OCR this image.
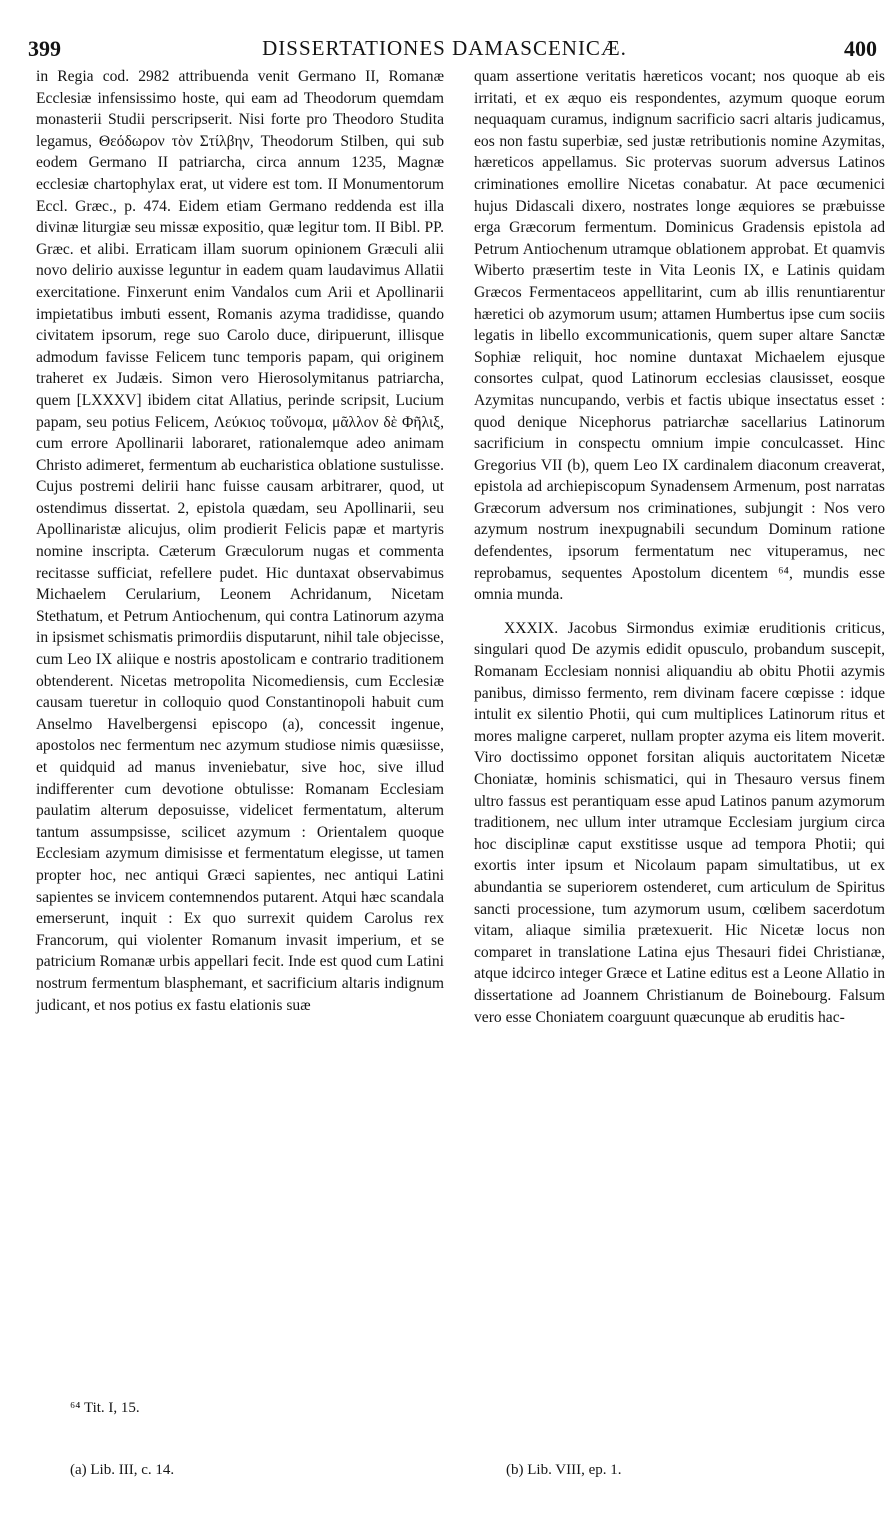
399	DISSERTATIONES DAMASCENICÆ.	400

in Regia cod. 2982 attribuenda venit Germano II, Romanæ Ecclesiæ infensissimo hoste, qui eam ad Theodorum quemdam monasterii Studii perscripserit. Nisi forte pro Theodoro Studita legamus, Θεόδωρον τὸν Στίλβην, Theodorum Stilben, qui sub eodem Germano II patriarcha, circa annum 1235, Magnæ ecclesiæ chartophylax erat, ut videre est tom. II Monumentorum Eccl. Græc., p. 474. Eidem etiam Germano reddenda est illa divinæ liturgiæ seu missæ expositio, quæ legitur tom. II Bibl. PP. Græc. et alibi. Erraticam illam suorum opinionem Græculi alii novo delirio auxisse leguntur in eadem quam laudavimus Allatii exercitatione. Finxerunt enim Vandalos cum Arii et Apollinarii impietatibus imbuti essent, Romanis azyma tradidisse, quando civitatem ipsorum, rege suo Carolo duce, diripuerunt, illisque admodum favisse Felicem tunc temporis papam, qui originem traheret ex Judæis. Simon vero Hierosolymitanus patriarcha, quem [LXXXV] ibidem citat Allatius, perinde scripsit, Lucium papam, seu potius Felicem, Λεύκιος τοὔνομα, μᾶλλον δὲ Φῆλιξ, cum errore Apollinarii laboraret, rationalemque adeo animam Christo adimeret, fermentum ab eucharistica oblatione sustulisse. Cujus postremi delirii hanc fuisse causam arbitrarer, quod, ut ostendimus dissertat. 2, epistola quædam, seu Apollinarii, seu Apollinaristæ alicujus, olim prodierit Felicis papæ et martyris nomine inscripta. Cæterum Græculorum nugas et commenta recitasse sufficiat, refellere pudet. Hic duntaxat observabimus Michaelem Cerularium, Leonem Achridanum, Nicetam Stethatum, et Petrum Antiochenum, qui contra Latinorum azyma in ipsismet schismatis primordiis disputarunt, nihil tale objecisse, cum Leo IX aliique e nostris apostolicam e contrario traditionem obtenderent. Nicetas metropolita Nicomediensis, cum Ecclesiæ causam tueretur in colloquio quod Constantinopoli habuit cum Anselmo Havelbergensi episcopo (a), concessit ingenue, apostolos nec fermentum nec azymum studiose nimis quæsiisse, et quidquid ad manus inveniebatur, sive hoc, sive illud indifferenter cum devotione obtulisse: Romanam Ecclesiam paulatim alterum deposuisse, videlicet fermentatum, alterum tantum assumpsisse, scilicet azymum : Orientalem quoque Ecclesiam azymum dimisisse et fermentatum elegisse, ut tamen propter hoc, nec antiqui Græci sapientes, nec antiqui Latini sapientes se invicem contemnendos putarent. Atqui hæc scandala emerserunt, inquit : Ex quo surrexit quidem Carolus rex Francorum, qui violenter Romanum invasit imperium, et se patricium Romanæ urbis appellari fecit. Inde est quod cum Latini nostrum fermentum blasphemant, et sacrificium altaris indignum judicant, et nos potius ex fastu elationis suæ

quam assertione veritatis hæreticos vocant; nos quoque ab eis irritati, et ex æquo eis respondentes, azymum quoque eorum nequaquam curamus, indignum sacrificio sacri altaris judicamus, eos non fastu superbiæ, sed justæ retributionis nomine Azymitas, hæreticos appellamus. Sic protervas suorum adversus Latinos criminationes emollire Nicetas conabatur. At pace œcumenici hujus Didascali dixero, nostrates longe æquiores se præbuisse erga Græcorum fermentum. Dominicus Gradensis epistola ad Petrum Antiochenum utramque oblationem approbat. Et quamvis Wiberto præsertim teste in Vita Leonis IX, e Latinis quidam Græcos Fermentaceos appellitarint, cum ab illis renuntiarentur hæretici ob azymorum usum; attamen Humbertus ipse cum sociis legatis in libello excommunicationis, quem super altare Sanctæ Sophiæ reliquit, hoc nomine duntaxat Michaelem ejusque consortes culpat, quod Latinorum ecclesias clausisset, eosque Azymitas nuncupando, verbis et factis ubique insectatus esset : quod denique Nicephorus patriarchæ sacellarius Latinorum sacrificium in conspectu omnium impie conculcasset. Hinc Gregorius VII (b), quem Leo IX cardinalem diaconum creaverat, epistola ad archiepiscopum Synadensem Armenum, post narratas Græcorum adversum nos criminationes, subjungit : Nos vero azymum nostrum inexpugnabili secundum Dominum ratione defendentes, ipsorum fermentatum nec vituperamus, nec reprobamus, sequentes Apostolum dicentem ⁶⁴, mundis esse omnia munda.

XXXIX. Jacobus Sirmondus eximiæ eruditionis criticus, singulari quod De azymis edidit opusculo, probandum suscepit, Romanam Ecclesiam nonnisi aliquandiu ab obitu Photii azymis panibus, dimisso fermento, rem divinam facere cœpisse : idque intulit ex silentio Photii, qui cum multiplices Latinorum ritus et mores maligne carperet, nullam propter azyma eis litem moverit. Viro doctissimo opponet forsitan aliquis auctoritatem Nicetæ Choniatæ, hominis schismatici, qui in Thesauro versus finem ultro fassus est perantiquam esse apud Latinos panum azymorum traditionem, nec ullum inter utramque Ecclesiam jurgium circa hoc disciplinæ caput exstitisse usque ad tempora Photii; qui exortis inter ipsum et Nicolaum papam simultatibus, ut ex abundantia se superiorem ostenderet, cum articulum de Spiritus sancti processione, tum azymorum usum, cœlibem sacerdotum vitam, aliaque similia prætexuerit. Hic Nicetæ locus non comparet in translatione Latina ejus Thesauri fidei Christianæ, atque idcirco integer Græce et Latine editus est a Leone Allatio in dissertatione ad Joannem Christianum de Boinebourg. Falsum vero esse Choniatem coarguunt quæcunque ab eruditis hac-

⁶⁴ Tit. I, 15.
(a) Lib. III, c. 14.	(b) Lib. VIII, ep. 1.
